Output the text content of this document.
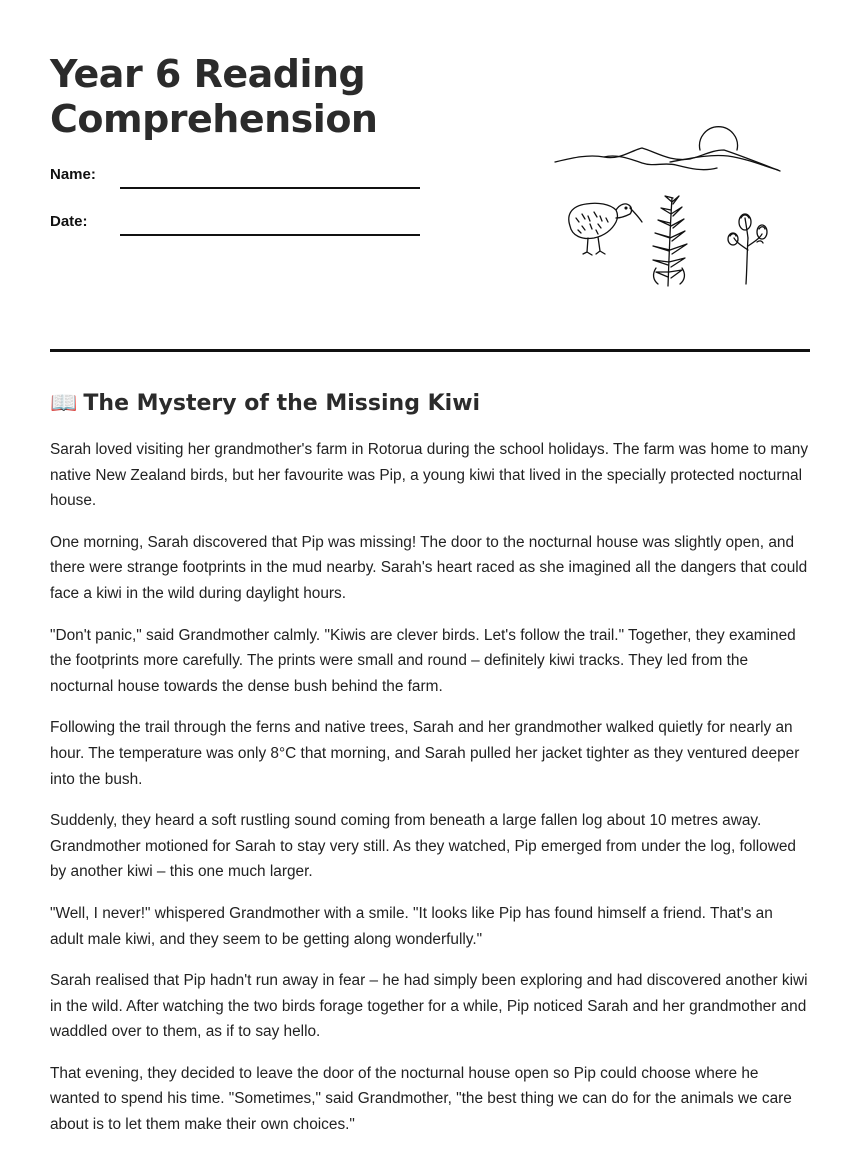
Year 6 Reading
Comprehension
Name:
Date:
📖 The Mystery of the Missing Kiwi

Sarah loved visiting her grandmother's farm in Rotorua during the school holidays. The farm was home to many native New Zealand birds, but her favourite was Pip, a young kiwi that lived in the specially protected nocturnal house.

One morning, Sarah discovered that Pip was missing! The door to the nocturnal house was slightly open, and there were strange footprints in the mud nearby. Sarah's heart raced as she imagined all the dangers that could face a kiwi in the wild during daylight hours.

"Don't panic," said Grandmother calmly. "Kiwis are clever birds. Let's follow the trail." Together, they examined the footprints more carefully. The prints were small and round – definitely kiwi tracks. They led from the nocturnal house towards the dense bush behind the farm.

Following the trail through the ferns and native trees, Sarah and her grandmother walked quietly for nearly an hour. The temperature was only 8°C that morning, and Sarah pulled her jacket tighter as they ventured deeper into the bush.

Suddenly, they heard a soft rustling sound coming from beneath a large fallen log about 10 metres away. Grandmother motioned for Sarah to stay very still. As they watched, Pip emerged from under the log, followed by another kiwi – this one much larger.

"Well, I never!" whispered Grandmother with a smile. "It looks like Pip has found himself a friend. That's an adult male kiwi, and they seem to be getting along wonderfully."

Sarah realised that Pip hadn't run away in fear – he had simply been exploring and had discovered another kiwi in the wild. After watching the two birds forage together for a while, Pip noticed Sarah and her grandmother and waddled over to them, as if to say hello.

That evening, they decided to leave the door of the nocturnal house open so Pip could choose where he wanted to spend his time. "Sometimes," said Grandmother, "the best thing we can do for the animals we care about is to let them make their own choices."
